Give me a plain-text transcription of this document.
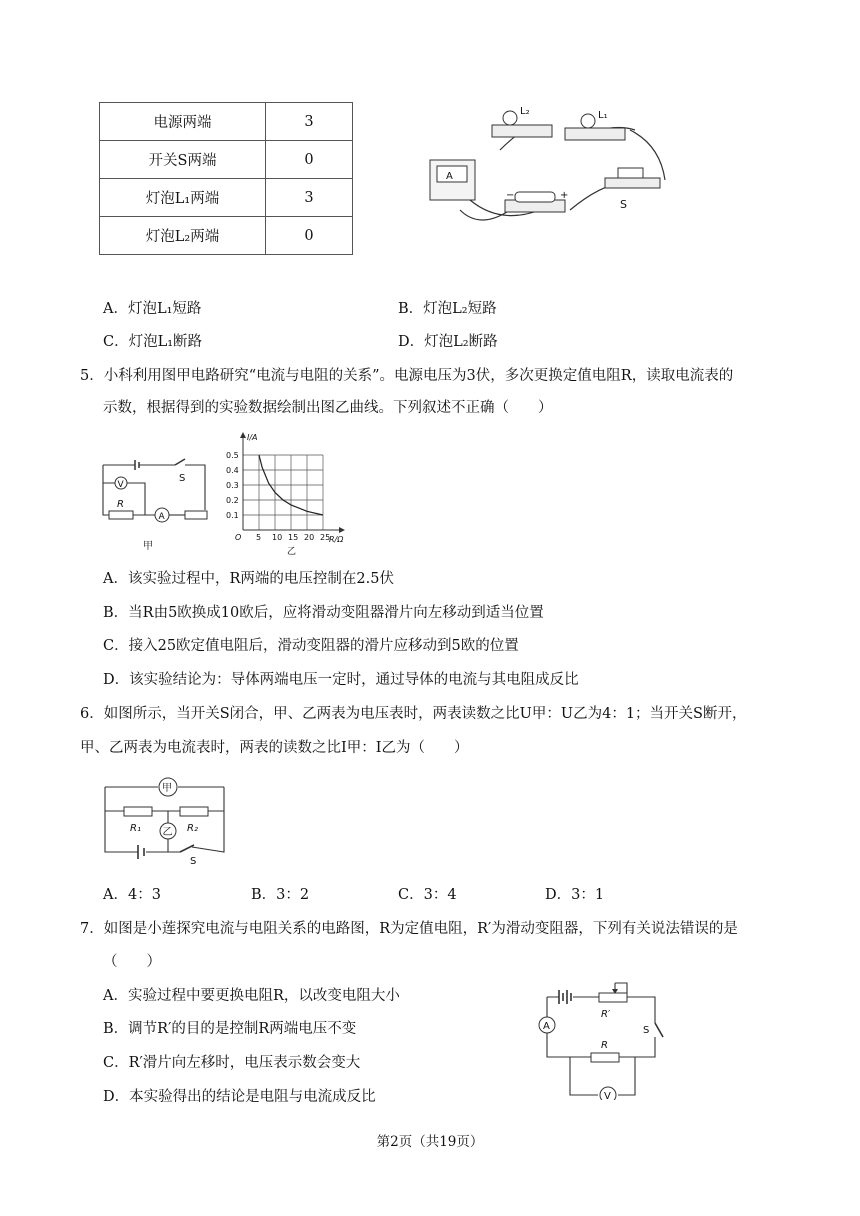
电源两端	3
开关S两端	0
灯泡L₁两端	3
灯泡L₂两端	0
L₂	L₁
A
−	+
S
A．灯泡L₁短路	B．灯泡L₂短路
C．灯泡L₁断路	D．灯泡L₂断路
5．小科利用图甲电路研究“电流与电阻的关系”。电源电压为3伏，多次更换定值电阻R，读取电流表的
示数，根据得到的实验数据绘制出图乙曲线。下列叙述不正确（　　）
V
R
A
S
甲
I/A
R/Ω
O
乙
5 10 15 20 25
0.1
0.2
0.3
0.4
0.5
A．该实验过程中，R两端的电压控制在2.5伏
B．当R由5欧换成10欧后，应将滑动变阻器滑片向左移动到适当位置
C．接入25欧定值电阻后，滑动变阻器的滑片应移动到5欧的位置
D．该实验结论为：导体两端电压一定时，通过导体的电流与其电阻成反比
6．如图所示，当开关S闭合，甲、乙两表为电压表时，两表读数之比U甲：U乙为4：1；当开关S断开，
甲、乙两表为电流表时，两表的读数之比I甲：I乙为（　　）
甲
乙
R₁	R₂
S
A．4：3	B．3：2	C．3：4	D．3：1
7．如图是小莲探究电流与电阻关系的电路图，R为定值电阻，R′为滑动变阻器，下列有关说法错误的是
（　　）
A．实验过程中要更换电阻R，以改变电阻大小
B．调节R′的目的是控制R两端电压不变
C．R′滑片向左移时，电压表示数会变大
D．本实验得出的结论是电阻与电流成反比
R′
A
R
V
S
第2页（共19页）
